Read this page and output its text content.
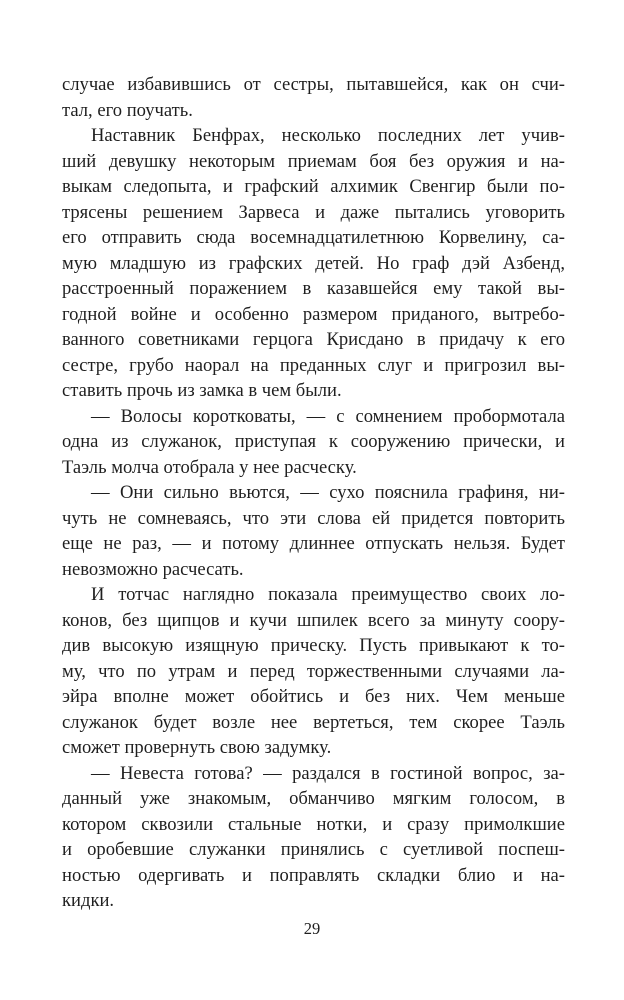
случае избавившись от сестры, пытавшейся, как он счи-
тал, его поучать.
Наставник Бенфрах, несколько последних лет учив-
ший девушку некоторым приемам боя без оружия и на-
выкам следопыта, и графский алхимик Свенгир были по-
трясены решением Зарвеса и даже пытались уговорить
его отправить сюда восемнадцатилетнюю Корвелину, са-
мую младшую из графских детей. Но граф дэй Азбенд,
расстроенный поражением в казавшейся ему такой вы-
годной войне и особенно размером приданого, вытребо-
ванного советниками герцога Крисдано в придачу к его
сестре, грубо наорал на преданных слуг и пригрозил вы-
ставить прочь из замка в чем были.
— Волосы коротковаты, — с сомнением пробормотала
одна из служанок, приступая к сооружению прически, и
Таэль молча отобрала у нее расческу.
— Они сильно вьются, — сухо пояснила графиня, ни-
чуть не сомневаясь, что эти слова ей придется повторить
еще не раз, — и потому длиннее отпускать нельзя. Будет
невозможно расчесать.
И тотчас наглядно показала преимущество своих ло-
конов, без щипцов и кучи шпилек всего за минуту соору-
див высокую изящную прическу. Пусть привыкают к то-
му, что по утрам и перед торжественными случаями ла-
эйра вполне может обойтись и без них. Чем меньше
служанок будет возле нее вертеться, тем скорее Таэль
сможет провернуть свою задумку.
— Невеста готова? — раздался в гостиной вопрос, за-
данный уже знакомым, обманчиво мягким голосом, в
котором сквозили стальные нотки, и сразу примолкшие
и оробевшие служанки принялись с суетливой поспеш-
ностью одергивать и поправлять складки блио и на-
кидки.
29
